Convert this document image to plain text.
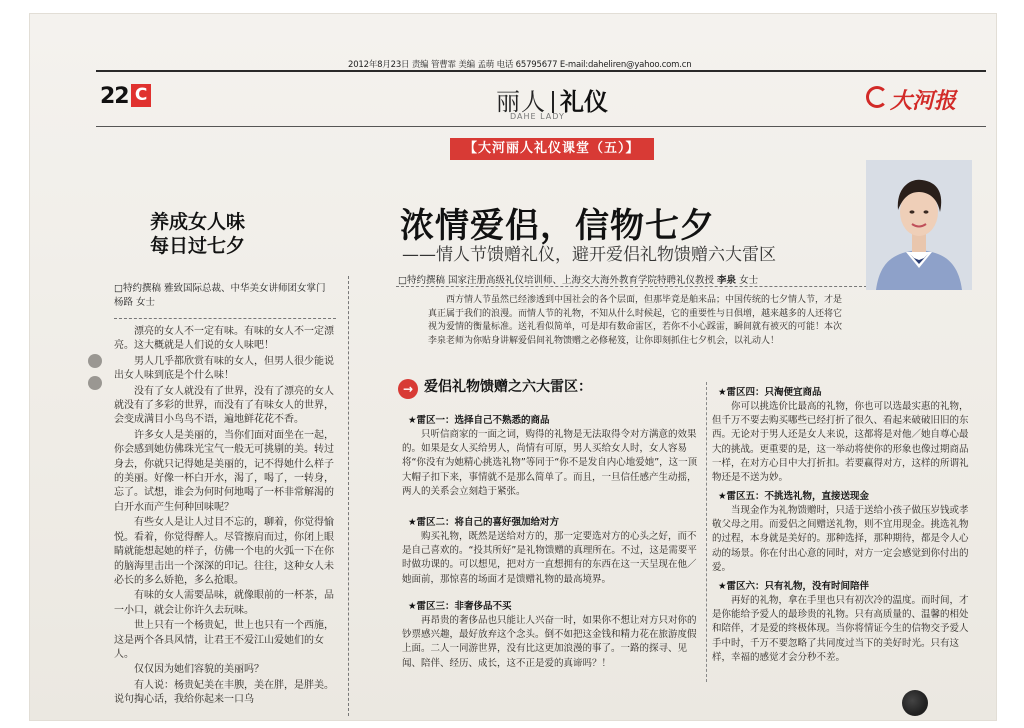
2012年8月23日 责编 管曹霏 美编 孟萌 电话 65795677 E-mail:daheliren@yahoo.com.cn
22 C	丽人 礼仪
DAHE LADY
大河报
【大河丽人礼仪课堂（五）】
养成女人味
每日过七夕
□特约撰稿 雅致国际总裁、中华美女讲师团女掌门 杨路 女士

漂亮的女人不一定有味。有味的女人不一定漂亮。这大概就是人们说的女人味吧！

男人几乎都欣赏有味的女人，但男人很少能说出女人味到底是个什么味！

没有了女人就没有了世界，没有了漂亮的女人就没有了多彩的世界，而没有了有味女人的世界，会变成满目小鸟鸟不语，遍地鲜花花不香。

许多女人是美丽的，当你们面对面坐在一起，你会感到她仿佛珠光宝气一般无可挑剔的美。转过身去，你就只记得她是美丽的，记不得她什么样子的美丽。好像一杯白开水，渴了，喝了，一转身，忘了。试想，谁会为何时何地喝了一杯非常解渴的白开水而产生何种回味呢？

有些女人是让人过目不忘的，聊着，你觉得愉悦。看着，你觉得醉人。尽管擦肩而过，你闭上眼睛就能想起她的样子，仿佛一个电的火弧一下在你的脑海里击出一个深深的印记。往往，这种女人未必长的多么娇艳，多么抢眼。

有味的女人需要品味，就像眼前的一杯茶，品一小口，就会让你许久去玩味。

世上只有一个杨贵妃，世上也只有一个西施，这是两个各具风情，让君王不爱江山爱她们的女人。

仅仅因为她们容貌的美丽吗？

有人说：杨贵妃美在丰腴，美在胖，是胖美。说句掏心话，我给你起来一口乌

浓情爱侣，信物七夕
——情人节馈赠礼仪，避开爱侣礼物馈赠六大雷区
□特约撰稿 国家注册高级礼仪培训师、上海交大海外教育学院特聘礼仪教授 李泉 女士

西方情人节虽然已经渗透到中国社会的各个层面，但那毕竟是舶来品；中国传统的七夕情人节，才是真正属于我们的浪漫。而情人节的礼物，不知从什么时候起，它的重要性与日俱增，越来越多的人还将它视为爱情的衡量标准。送礼看似简单，可是却有数命雷区，若你不小心踩雷，瞬间就有被灭的可能！本次李泉老师为你贴身讲解爱侣间礼物馈赠之必修秘笈，让你即刻抓住七夕机会，以礼动人！

→ 爱侣礼物馈赠之六大雷区：
★雷区一：选择自己不熟悉的商品
只听信商家的一面之词，购得的礼物是无法取得令对方满意的效果的。如果是女人买给男人，尚情有可原，男人买给女人时，女人容易将“你没有为她精心挑选礼物”等同于“你不是发自内心地爱她”，这一顶大帽子扣下来，事情就不是那么简单了。而且，一旦信任感产生动摇，两人的关系会立刻趋于紧张。
★雷区二：将自己的喜好强加给对方
购买礼物，既然是送给对方的，那一定要选对方的心头之好，而不是自己喜欢的。“投其所好”是礼物馈赠的真理所在。不过，这是需要平时做功课的。可以想见，把对方一直想拥有的东西在这一天呈现在他／她面前，那惊喜的场面才是馈赠礼物的最高境界。
★雷区三：非奢侈品不买
再昂贵的奢侈品也只能让人兴奋一时，如果你不想让对方只对你的钞票感兴趣，最好放弃这个念头。倒不如把这金钱和精力花在旅游度假上面。二人一同游世界，没有比这更加浪漫的事了。一路的探寻、见闻、陪伴、经历、成长，这不正是爱的真谛吗？！
★雷区四：只淘便宜商品
你可以挑选价比最高的礼物，你也可以选最实惠的礼物，但千万不要去购买哪些已经打折了很久、看起来破破旧旧的东西。无论对于男人还是女人来说，这都将是对他／她自尊心最大的挑战。更重要的是，这一举动将使你的形象也像过期商品一样，在对方心目中大打折扣。若要赢得对方，这样的所谓礼物还是不送为妙。
★雷区五：不挑选礼物，直接送现金
当现金作为礼物馈赠时，只适于送给小孩子做压岁钱或孝敬父母之用。而爱侣之间赠送礼物，则不宜用现金。挑选礼物的过程，本身就是美好的。那种选择，那种期待，都是令人心动的场景。你在付出心意的同时，对方一定会感觉到你付出的爱。
★雷区六：只有礼物，没有时间陪伴
再好的礼物，拿在手里也只有初次冷的温度。而时间，才是你能给予爱人的最珍贵的礼物。只有高质量的、温馨的相处和陪伴，才是爱的终极体现。当你将情证今生的信物交予爱人手中时，千万不要忽略了共同度过当下的美好时光。只有这样，幸福的感觉才会分秒不差。
